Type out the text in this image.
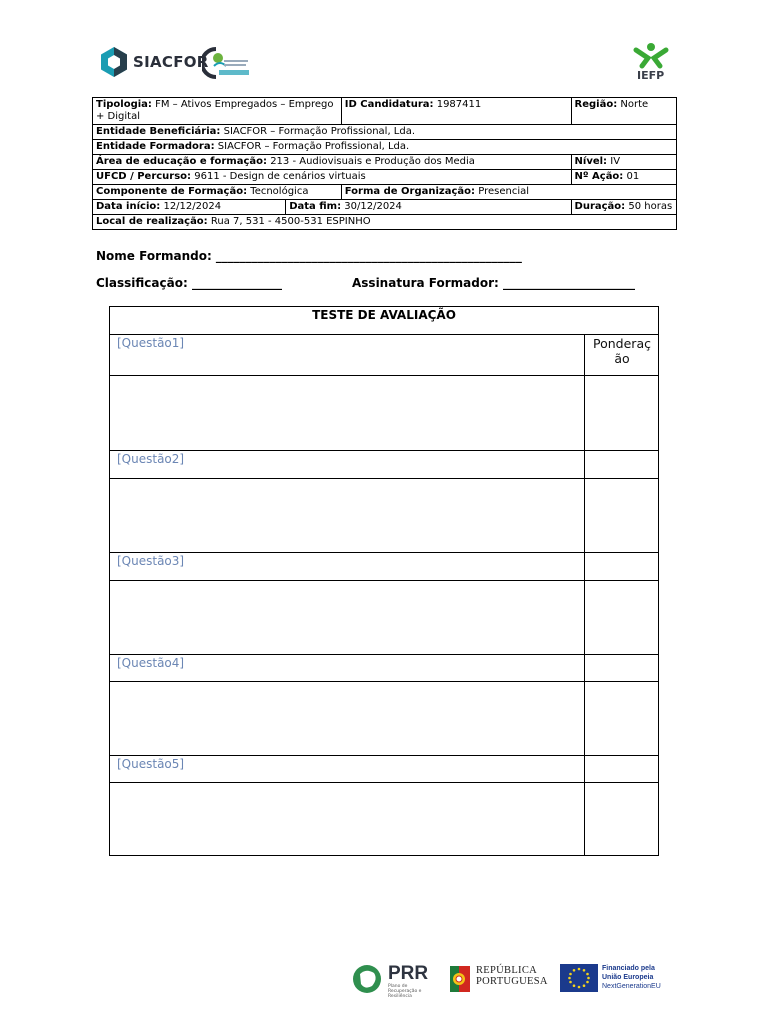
SIACFOR
IEFP
Tipologia: FM – Ativos Empregados – Emprego + Digital		ID Candidatura: 1987411	Região: Norte
Entidade Beneficiária: SIACFOR – Formação Profissional, Lda.			
Entidade Formadora: SIACFOR – Formação Profissional, Lda.			
Área de educação e formação: 213 - Audiovisuais e Produção dos Media			Nível: IV
UFCD / Percurso: 9611 - Design de cenários virtuais			Nº Ação: 01
Componente de Formação: Tecnológica		Forma de Organização: Presencial	
Data início: 12/12/2024	Data fim: 30/12/2024		Duração: 50 horas
Local de realização: Rua 7, 531 - 4500-531 ESPINHO			
Nome Formando: ___________________________________________________
Classificação: _______________	Assinatura Formador: ______________________
TESTE DE AVALIAÇÃO
[Questão1]	Ponderaç
ão
[Questão2]
[Questão3]
[Questão4]
[Questão5]
PRR
Plano de Recuperação e Resiliência
REPÚBLICA
PORTUGUESA
Financiado pela
União Europeia
NextGenerationEU
